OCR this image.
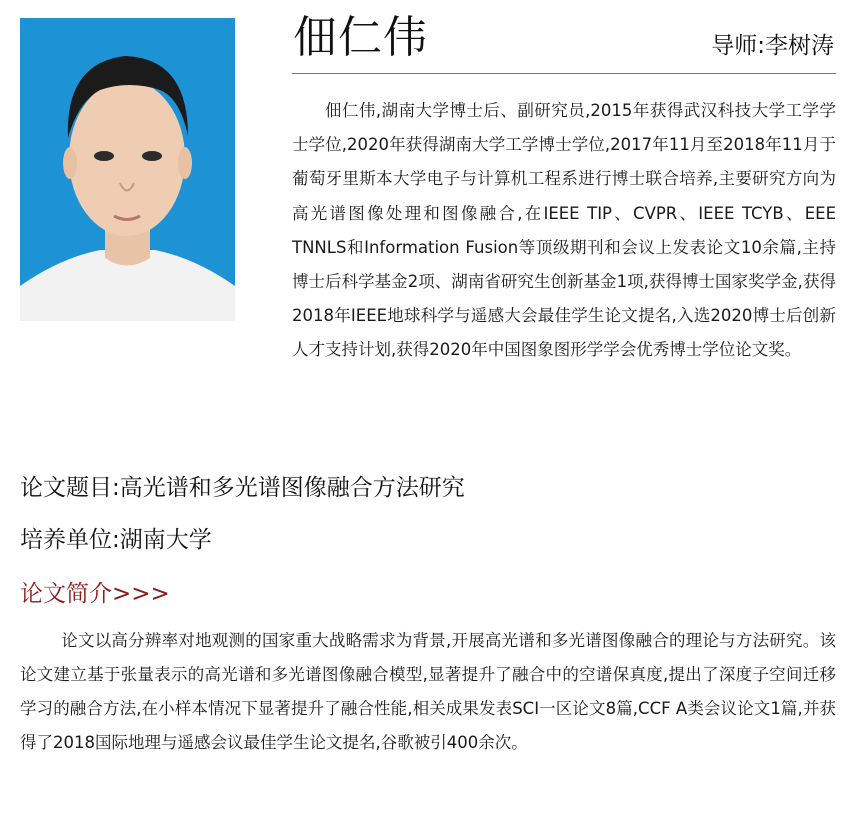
佃仁伟	导师:李树涛

佃仁伟,湖南大学博士后、副研究员,2015年获得武汉科技大学工学学士学位,2020年获得湖南大学工学博士学位,2017年11月至2018年11月于葡萄牙里斯本大学电子与计算机工程系进行博士联合培养,主要研究方向为高光谱图像处理和图像融合,在IEEE TIP、CVPR、IEEE TCYB、EEE TNNLS和Information Fusion等顶级期刊和会议上发表论文10余篇,主持博士后科学基金2项、湖南省研究生创新基金1项,获得博士国家奖学金,获得2018年IEEE地球科学与遥感大会最佳学生论文提名,入选2020博士后创新人才支持计划,获得2020年中国图象图形学学会优秀博士学位论文奖。

论文题目:高光谱和多光谱图像融合方法研究
培养单位:湖南大学
论文简介>>>

论文以高分辨率对地观测的国家重大战略需求为背景,开展高光谱和多光谱图像融合的理论与方法研究。该论文建立基于张量表示的高光谱和多光谱图像融合模型,显著提升了融合中的空谱保真度,提出了深度子空间迁移学习的融合方法,在小样本情况下显著提升了融合性能,相关成果发表SCI一区论文8篇,CCF A类会议论文1篇,并获得了2018国际地理与遥感会议最佳学生论文提名,谷歌被引400余次。
